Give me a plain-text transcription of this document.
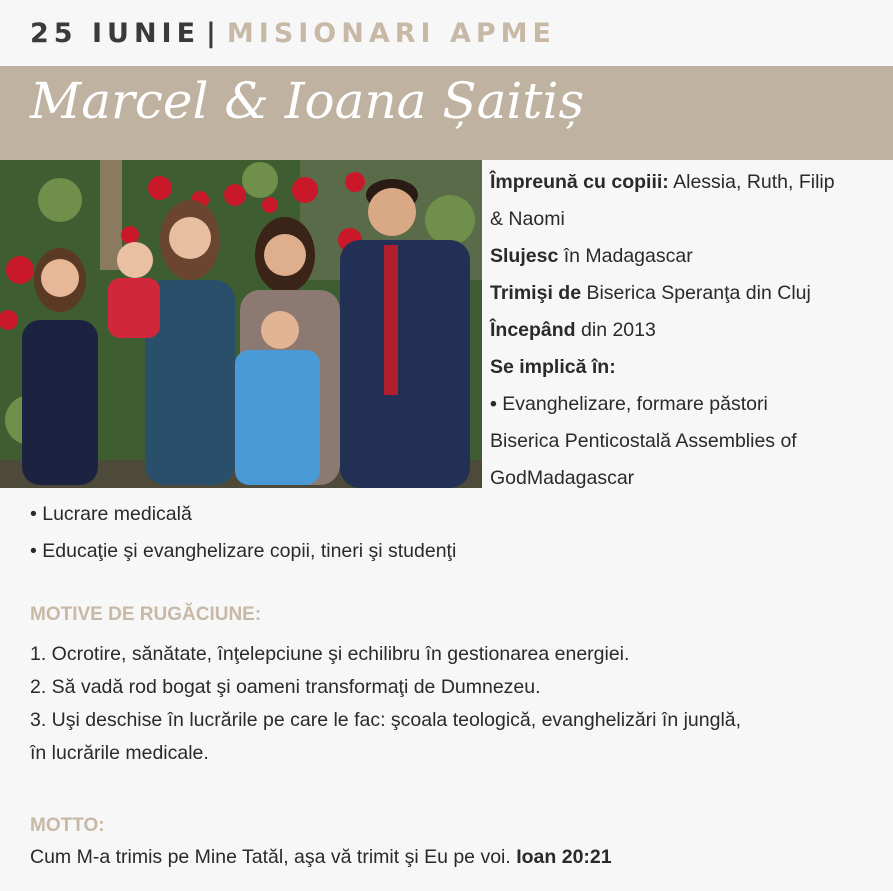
25 IUNIE | MISIONARI APME
Marcel & Ioana Șaitiș
Împreună cu copiii: Alessia, Ruth, Filip
& Naomi
Slujesc în Madagascar
Trimişi de Biserica Speranţa din Cluj
Începând din 2013
Se implică în:
• Evanghelizare, formare păstori
Biserica Penticostală Assemblies of
GodMadagascar
• Lucrare medicală
• Educaţie şi evanghelizare copii, tineri şi studenţi
MOTIVE DE RUGĂCIUNE:
1. Ocrotire, sănătate, înţelepciune şi echilibru în gestionarea energiei.
2. Să vadă rod bogat şi oameni transformaţi de Dumnezeu.
3. Uşi deschise în lucrările pe care le fac: şcoala teologică, evanghelizări în junglă,
în lucrările medicale.
MOTTO:
Cum M-a trimis pe Mine Tatăl, aşa vă trimit şi Eu pe voi. Ioan 20:21
